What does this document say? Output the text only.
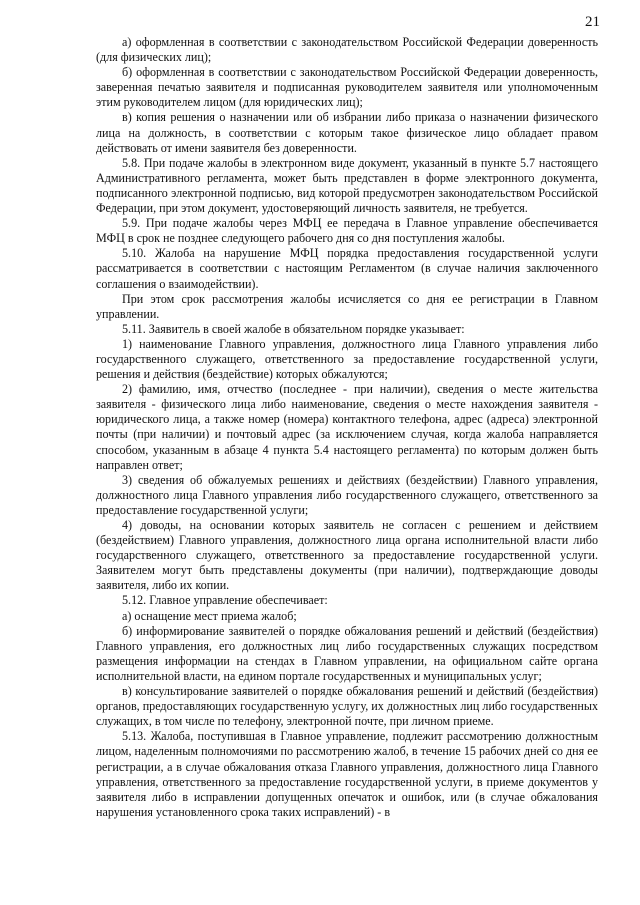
21

а) оформленная в соответствии с законодательством Российской Федерации доверенность (для физических лиц);

б) оформленная в соответствии с законодательством Российской Федерации доверенность, заверенная печатью заявителя и подписанная руководителем заявителя или уполномоченным этим руководителем лицом (для юридических лиц);

в) копия решения о назначении или об избрании либо приказа о назначении физического лица на должность, в соответствии с которым такое физическое лицо обладает правом действовать от имени заявителя без доверенности.

5.8. При подаче жалобы в электронном виде документ, указанный в пункте 5.7 настоящего Административного регламента, может быть представлен в форме электронного документа, подписанного электронной подписью, вид которой предусмотрен законодательством Российской Федерации, при этом документ, удостоверяющий личность заявителя, не требуется.

5.9. При подаче жалобы через МФЦ ее передача в Главное управление обеспечивается МФЦ в срок не позднее следующего рабочего дня со дня поступления жалобы.

5.10. Жалоба на нарушение МФЦ порядка предоставления государственной услуги рассматривается в соответствии с настоящим Регламентом (в случае наличия заключенного соглашения о взаимодействии).

При этом срок рассмотрения жалобы исчисляется со дня ее регистрации в Главном управлении.

5.11. Заявитель в своей жалобе в обязательном порядке указывает:

1) наименование Главного управления, должностного лица Главного управления либо государственного служащего, ответственного за предоставление государственной услуги, решения и действия (бездействие) которых обжалуются;

2) фамилию, имя, отчество (последнее - при наличии), сведения о месте жительства заявителя - физического лица либо наименование, сведения о месте нахождения заявителя - юридического лица, а также номер (номера) контактного телефона, адрес (адреса) электронной почты (при наличии) и почтовый адрес (за исключением случая, когда жалоба направляется способом, указанным в абзаце 4 пункта 5.4 настоящего регламента) по которым должен быть направлен ответ;

3) сведения об обжалуемых решениях и действиях (бездействии) Главного управления, должностного лица Главного управления либо государственного служащего, ответственного за предоставление государственной услуги;

4) доводы, на основании которых заявитель не согласен с решением и действием (бездействием) Главного управления, должностного лица органа исполнительной власти либо государственного служащего, ответственного за предоставление государственной услуги. Заявителем могут быть представлены документы (при наличии), подтверждающие доводы заявителя, либо их копии.

5.12. Главное управление обеспечивает:

а) оснащение мест приема жалоб;

б) информирование заявителей о порядке обжалования решений и действий (бездействия) Главного управления, его должностных лиц либо государственных служащих посредством размещения информации на стендах в Главном управлении, на официальном сайте органа исполнительной власти, на едином портале государственных и муниципальных услуг;

в) консультирование заявителей о порядке обжалования решений и действий (бездействия) органов, предоставляющих государственную услугу, их должностных лиц либо государственных служащих, в том числе по телефону, электронной почте, при личном приеме.

5.13. Жалоба, поступившая в Главное управление, подлежит рассмотрению должностным лицом, наделенным полномочиями по рассмотрению жалоб, в течение 15 рабочих дней со дня ее регистрации, а в случае обжалования отказа Главного управления, должностного лица Главного управления, ответственного за предоставление государственной услуги, в приеме документов у заявителя либо в исправлении допущенных опечаток и ошибок, или (в случае обжалования нарушения установленного срока таких исправлений) - в
